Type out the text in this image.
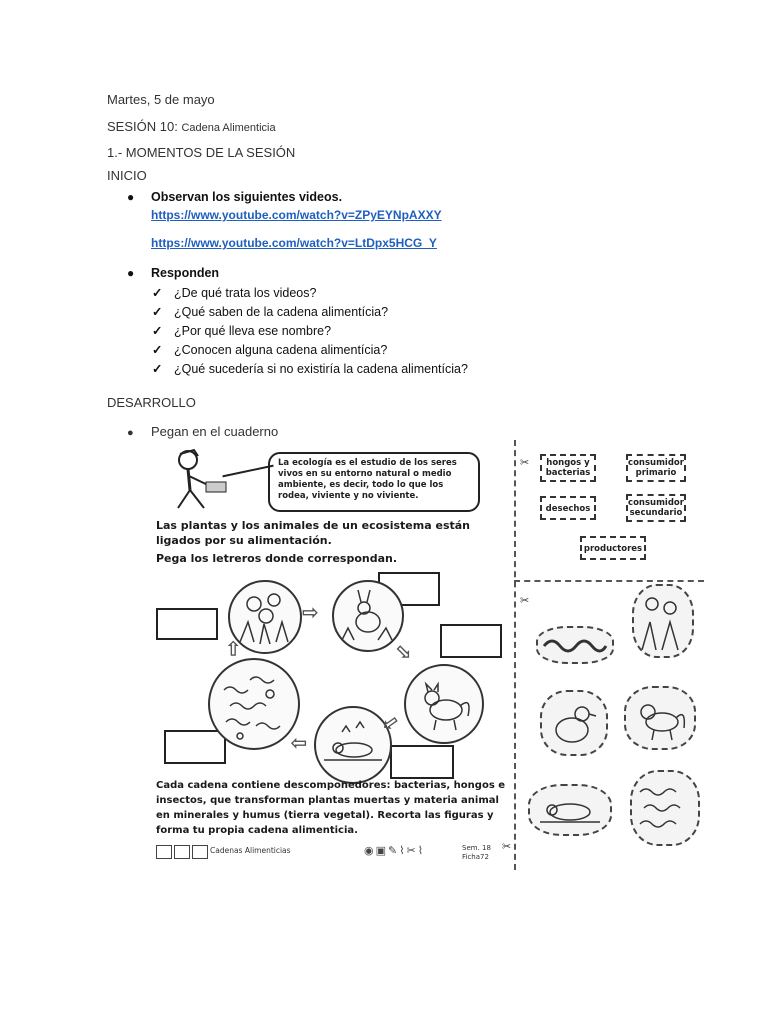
Martes, 5 de mayo
SESIÓN 10: Cadena Alimenticia
1.- MOMENTOS DE LA SESIÓN
INICIO
● Observan los siguientes videos.
https://www.youtube.com/watch?v=ZPyEYNpAXXY
https://www.youtube.com/watch?v=LtDpx5HCG_Y
● Responden
✓ ¿De qué trata los videos?
✓ ¿Qué saben de la cadena alimentícia?
✓ ¿Por qué lleva ese nombre?
✓ ¿Conocen alguna cadena alimentícia?
✓ ¿Qué sucedería si no existiría la cadena alimentícia?
DESARROLLO
● Pegan en el cuaderno
La ecología es el estudio de los seres vivos en su entorno natural o medio ambiente, es decir, todo lo que los rodea, viviente y no viviente.
Las plantas y los animales de un ecosistema están ligados por su alimentación.
Pega los letreros donde correspondan.
⇨
⇨
⇨
⇨
⇨
Cada cadena contiene descomponedores: bacterias, hongos e insectos, que transforman plantas muertas y materia animal en minerales y humus (tierra vegetal). Recorta las figuras y forma tu propia cadena alimenticia.
Cadenas Alimenticias	◉▣✎⌇✂⌇	Sem. 18
Ficha72
✂
✂	hongos y bacterias
consumidor primario
desechos
consumidor secundario
productores
✂
